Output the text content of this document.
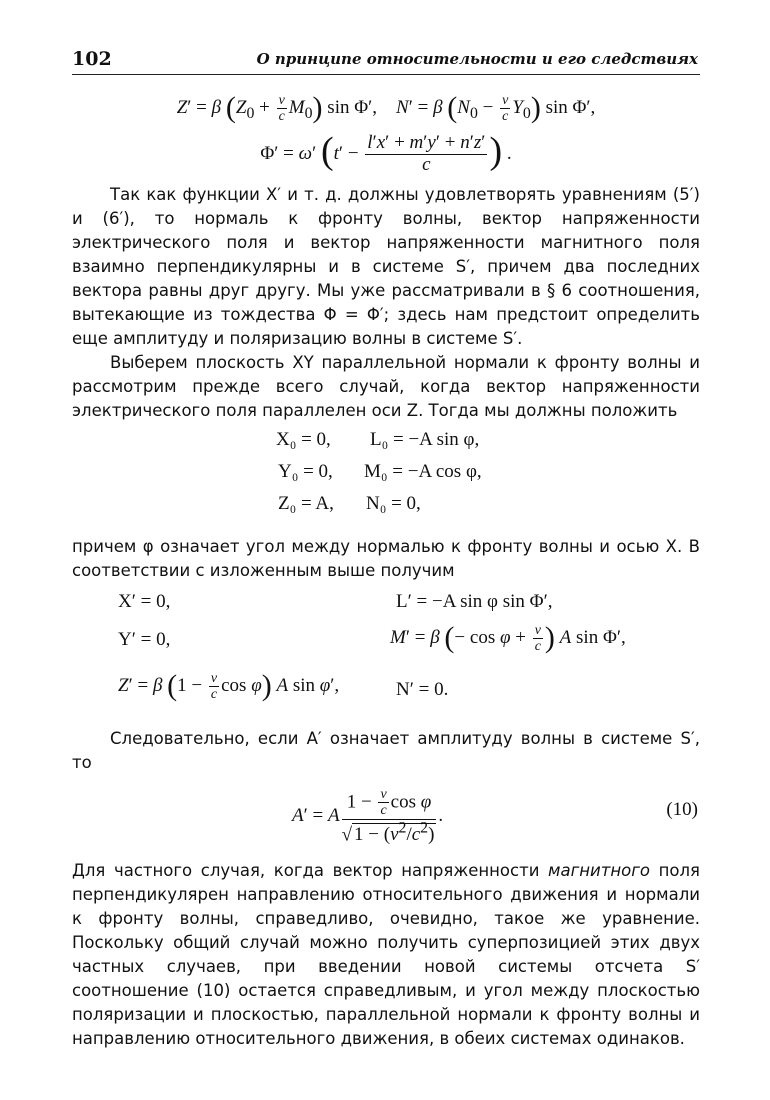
102	О принципе относительности и его следствиях
Z′ = β $(Z_0 + \frac{v}{c} M_0)$ sin Φ′,    N′ = β $(N_0 - \frac{v}{c} Y_0)$ sin Φ′,
Φ′ = ω′ ($t' - \frac{l'x' + m'y' + n'z'}{c}$ ) .

Так как функции X′ и т. д. должны удовлетворять уравнениям (5′) и (6′), то нормаль к фронту волны, вектор напряженности электрического поля и вектор напряженности магнитного поля взаимно перпендикулярны и в системе S′, причем два последних вектора равны друг другу. Мы уже рассматривали в § 6 соотношения, вытекающие из тождества Φ = Φ′; здесь нам предстоит определить еще амплитуду и поляризацию волны в системе S′.

Выберем плоскость XY параллельной нормали к фронту волны и рассмотрим прежде всего случай, когда вектор напряженности электрического поля параллелен оси Z. Тогда мы должны положить

X₀ = 0, L₀ = −A sin φ,
Y₀ = 0, M₀ = −A cos φ,
Z₀ = A, N₀ = 0,

причем φ означает угол между нормалью к фронту волны и осью X. В соответствии с изложенным выше получим

X′ = 0,	L′ = −A sin φ sin Φ′,
Y′ = 0,	M′ = β (− $\cos \varphi + \frac{v}{c}$ ) A sin Φ′,
Z′ = β ($1 - \frac{v}{c}$ cos φ) A sin φ′,	N′ = 0.

Следовательно, если A′ означает амплитуду волны в системе S′, то

A′ = A $\frac{1 - \frac{v}{c} \cos \varphi}{√ 1 - (v^2/c^2)}$ .	(10)

Для частного случая, когда вектор напряженности магнитного поля перпендикулярен направлению относительного движения и нормали к фронту волны, справедливо, очевидно, такое же уравнение. Поскольку общий случай можно получить суперпозицией этих двух частных случаев, при введении новой системы отсчета S′ соотношение (10) остается справедливым, и угол между плоскостью поляризации и плоскостью, параллельной нормали к фронту волны и направлению относительного движения, в обеих системах одинаков.
